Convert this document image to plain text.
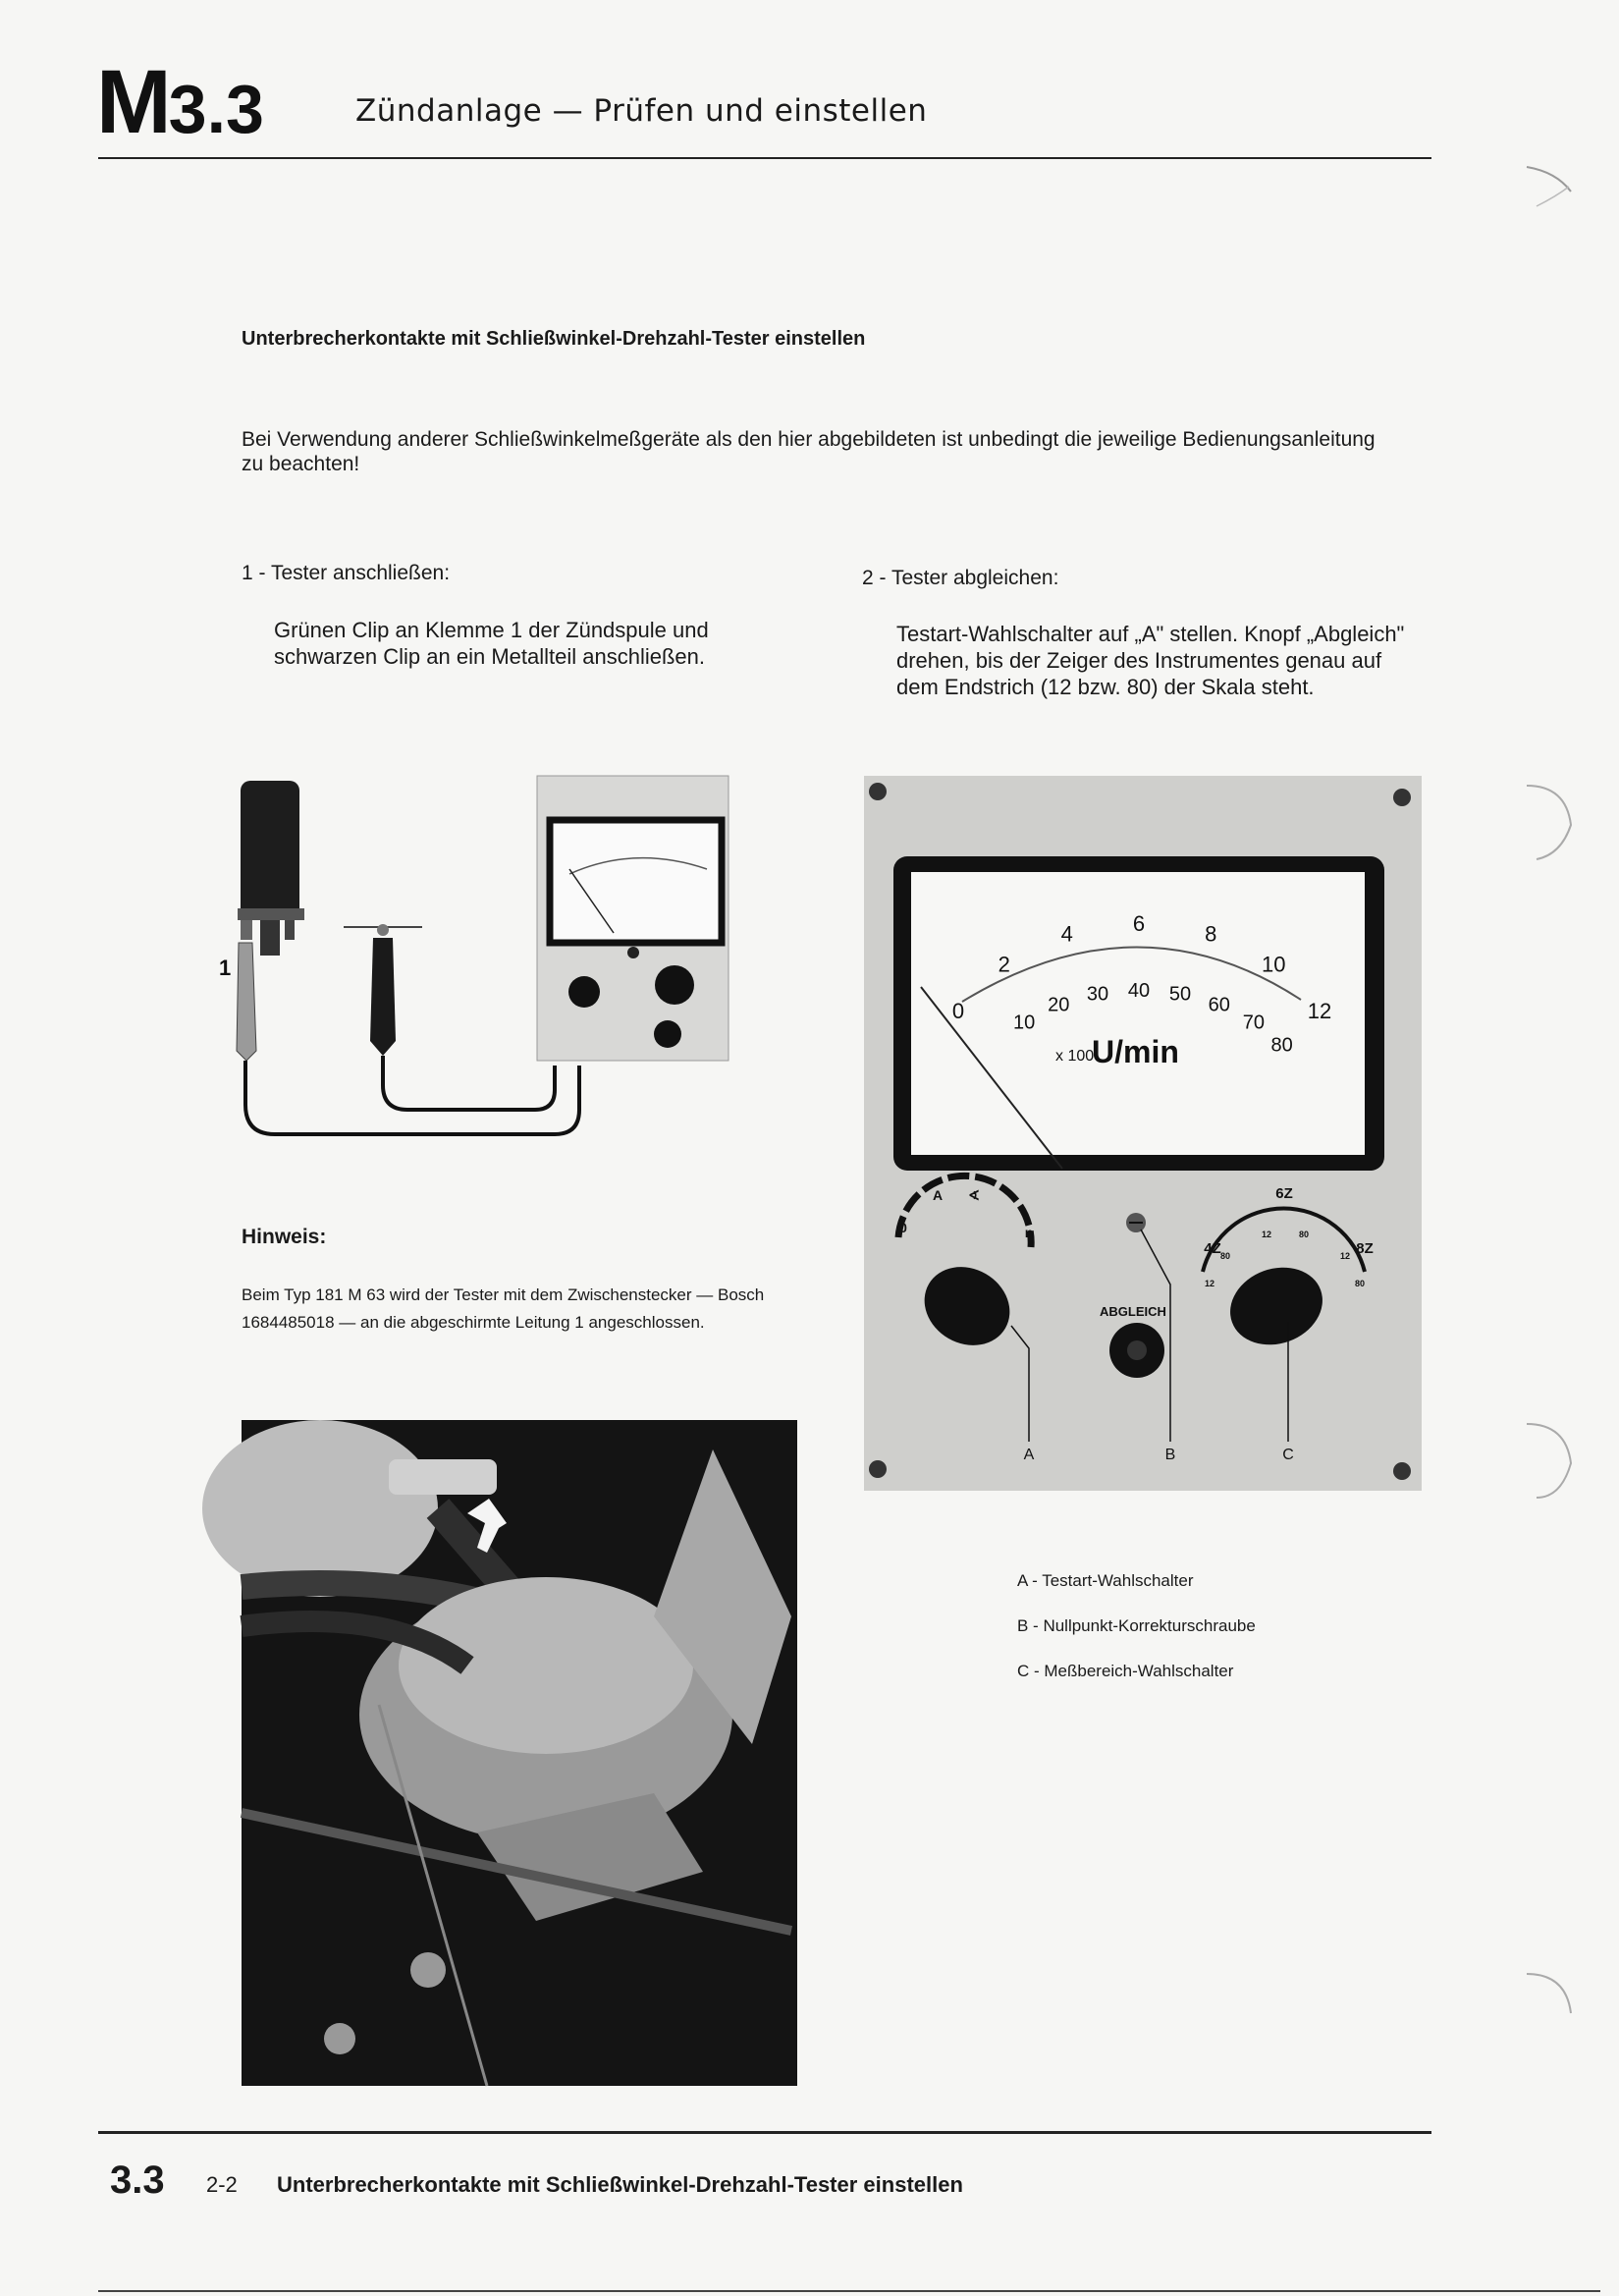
M3.3	Zündanlage — Prüfen und einstellen
Unterbrecherkontakte mit Schließwinkel-Drehzahl-Tester einstellen
Bei Verwendung anderer Schließwinkelmeßgeräte als den hier abgebildeten ist unbedingt die jeweilige Bedienungsanleitung zu beachten!
1 - Tester anschließen:
Grünen Clip an Klemme 1 der Zündspule und schwarzen Clip an ein Metallteil anschließen.
2 - Tester abgleichen:
Testart-Wahlschalter auf „A" stellen. Knopf „Abgleich" drehen, bis der Zeiger des Instrumentes genau auf dem Endstrich (12 bzw. 80) der Skala steht.
1
0
2
4	6	8
10
12
10
20 30 40 50 60
70
80
x 100
U/min
0
A ∢
n
ABGLEICH
4Z
6Z
8Z
12
80
12	80
12
80
A	B	C
A - Testart-Wahlschalter
B - Nullpunkt-Korrekturschraube
C - Meßbereich-Wahlschalter
Hinweis:
Beim Typ 181 M 63 wird der Tester mit dem Zwischenstecker — Bosch 1684485018 — an die abgeschirmte Leitung 1 angeschlossen.
3.3 2-2 Unterbrecherkontakte mit Schließwinkel-Drehzahl-Tester einstellen
